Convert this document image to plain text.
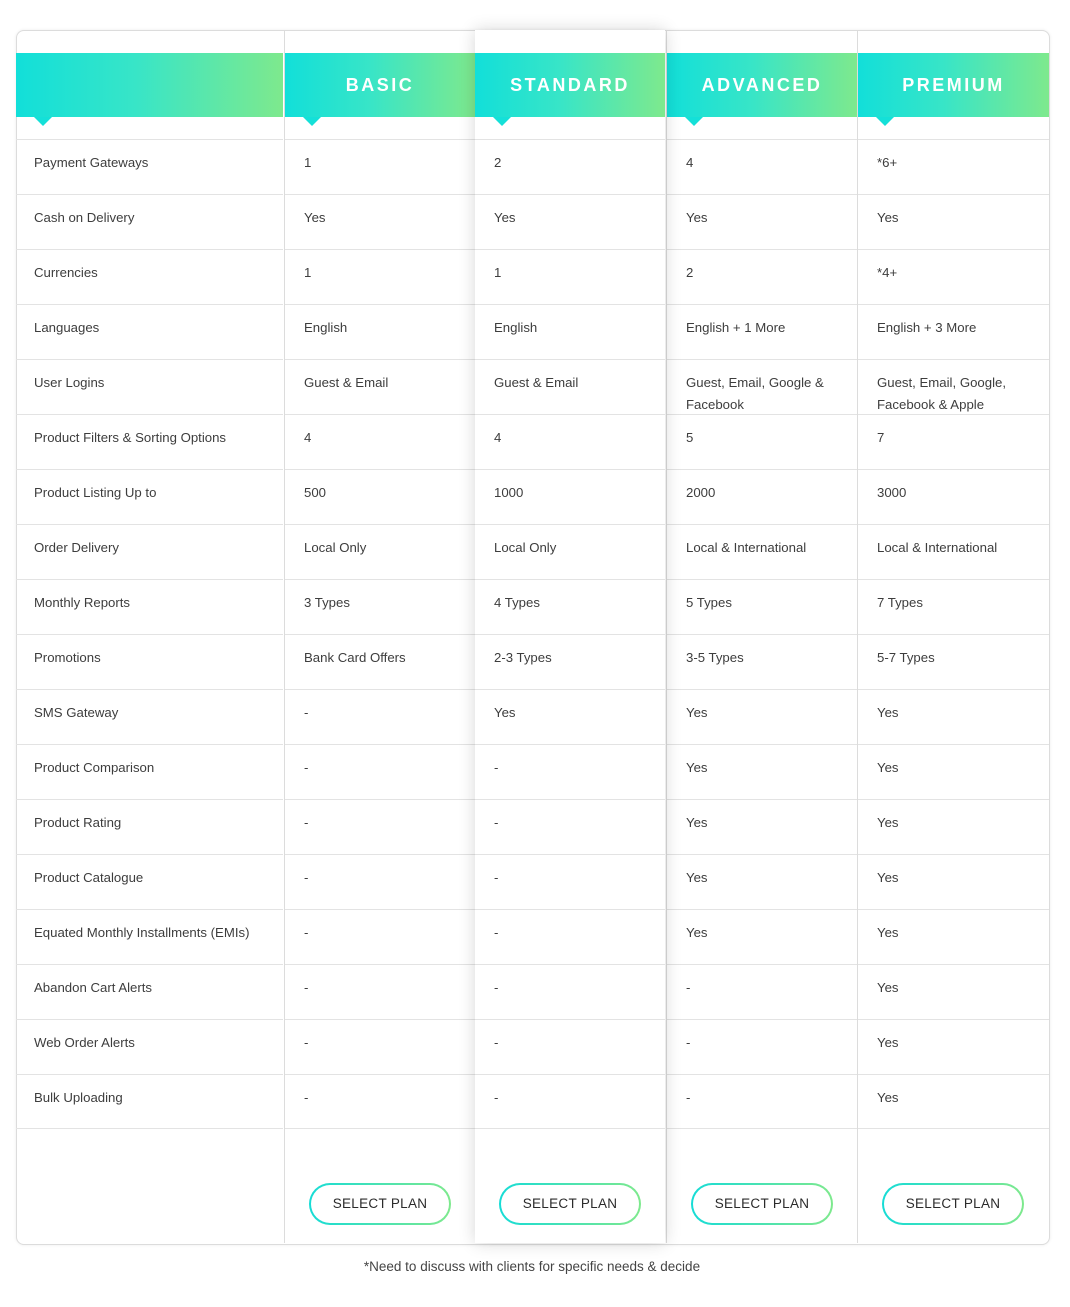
Payment Gateways
Cash on Delivery
Currencies
Languages
User Logins
Product Filters & Sorting Options
Product Listing Up to
Order Delivery
Monthly Reports
Promotions
SMS Gateway
Product Comparison
Product Rating
Product Catalogue
Equated Monthly Installments (EMIs)
Abandon Cart Alerts
Web Order Alerts
Bulk Uploading
BASIC
1
Yes
1
English
Guest & Email
4
500
Local Only
3 Types
Bank Card Offers
-
-
-
-
-
-
-
-
SELECT PLAN
STANDARD
2
Yes
1
English
Guest & Email
4
1000
Local Only
4 Types
2-3 Types
Yes
-
-
-
-
-
-
-
SELECT PLAN
ADVANCED
4
Yes
2
English + 1 More
Guest, Email, Google & Facebook
5
2000
Local & International
5 Types
3-5 Types
Yes
Yes
Yes
Yes
Yes
-
-
-
SELECT PLAN
PREMIUM
*6+
Yes
*4+
English + 3 More
Guest, Email, Google, Facebook & Apple
7
3000
Local & International
7 Types
5-7 Types
Yes
Yes
Yes
Yes
Yes
Yes
Yes
Yes
SELECT PLAN
*Need to discuss with clients for specific needs & decide
